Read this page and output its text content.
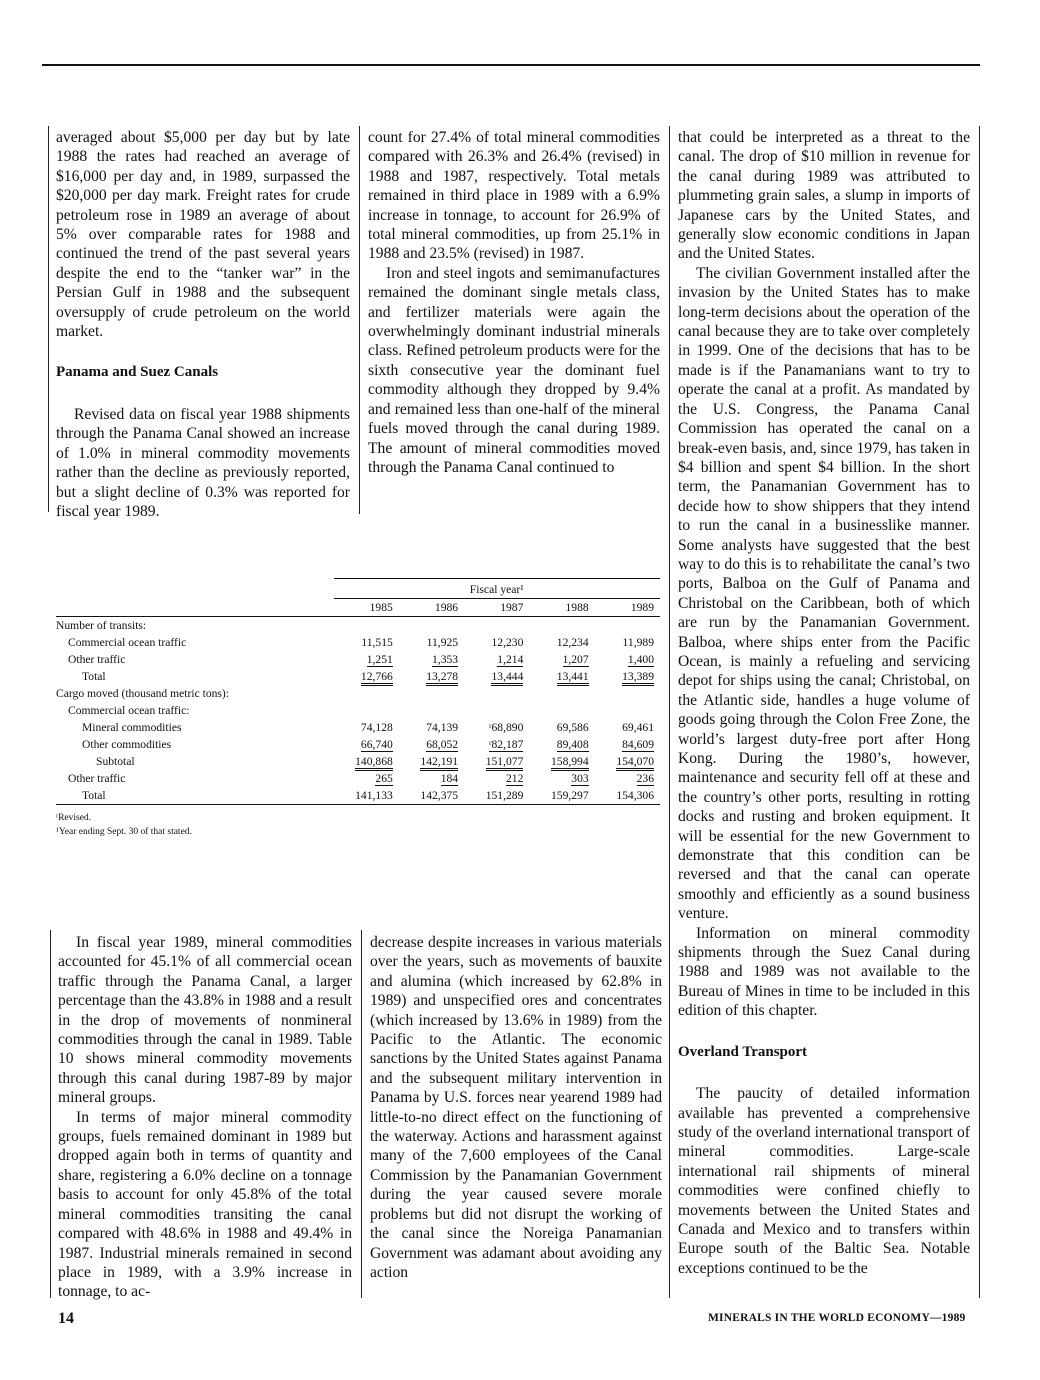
averaged about $5,000 per day but by late 1988 the rates had reached an average of $16,000 per day and, in 1989, surpassed the $20,000 per day mark. Freight rates for crude petroleum rose in 1989 an average of about 5% over comparable rates for 1988 and continued the trend of the past several years despite the end to the “tanker war” in the Persian Gulf in 1988 and the subsequent oversupply of crude petroleum on the world market.

Panama and Suez Canals

Revised data on fiscal year 1988 shipments through the Panama Canal showed an increase of 1.0% in mineral commodity movements rather than the decline as previously reported, but a slight decline of 0.3% was reported for fiscal year 1989.

count for 27.4% of total mineral commodities compared with 26.3% and 26.4% (revised) in 1988 and 1987, respectively. Total metals remained in third place in 1989 with a 6.9% increase in tonnage, to account for 26.9% of total mineral commodities, up from 25.1% in 1988 and 23.5% (revised) in 1987.

Iron and steel ingots and semimanufactures remained the dominant single metals class, and fertilizer materials were again the overwhelmingly dominant industrial minerals class. Refined petroleum products were for the sixth consecutive year the dominant fuel commodity although they dropped by 9.4% and remained less than one-half of the mineral fuels moved through the canal during 1989. The amount of mineral commodities moved through the Panama Canal continued to

that could be interpreted as a threat to the canal. The drop of $10 million in revenue for the canal during 1989 was attributed to plummeting grain sales, a slump in imports of Japanese cars by the United States, and generally slow economic conditions in Japan and the United States.

The civilian Government installed after the invasion by the United States has to make long-term decisions about the operation of the canal because they are to take over completely in 1999. One of the decisions that has to be made is if the Panamanians want to try to operate the canal at a profit. As mandated by the U.S. Congress, the Panama Canal Commission has operated the canal on a break-even basis, and, since 1979, has taken in $4 billion and spent $4 billion. In the short term, the Panamanian Government has to decide how to show shippers that they intend to run the canal in a businesslike manner. Some analysts have suggested that the best way to do this is to rehabilitate the canal’s two ports, Balboa on the Gulf of Panama and Christobal on the Caribbean, both of which are run by the Panamanian Government. Balboa, where ships enter from the Pacific Ocean, is mainly a refueling and servicing depot for ships using the canal; Christobal, on the Atlantic side, handles a huge volume of goods going through the Colon Free Zone, the world’s largest duty-free port after Hong Kong. During the 1980’s, however, maintenance and security fell off at these and the country’s other ports, resulting in rotting docks and rusting and broken equipment. It will be essential for the new Government to demonstrate that this condition can be reversed and that the canal can operate smoothly and efficiently as a sound business venture.

Information on mineral commodity shipments through the Suez Canal during 1988 and 1989 was not available to the Bureau of Mines in time to be included in this edition of this chapter.

Overland Transport

The paucity of detailed information available has prevented a comprehensive study of the overland international transport of mineral commodities. Large-scale international rail shipments of mineral commodities were confined chiefly to movements between the United States and Canada and Mexico and to transfers within Europe south of the Baltic Sea. Notable exceptions continued to be the

	Fiscal year¹				
	1985	1986	1987	1988	1989
Number of transits:					
Commercial ocean traffic	11,515	11,925	12,230	12,234	11,989
Other traffic	1,251	1,353	1,214	1,207	1,400
Total	12,766	13,278	13,444	13,441	13,389
Cargo moved (thousand metric tons):					
Commercial ocean traffic:					
Mineral commodities	74,128	74,139	ʳ68,890	69,586	69,461
Other commodities	66,740	68,052	ʳ82,187	89,408	84,609
Subtotal	140,868	142,191	151,077	158,994	154,070
Other traffic	265	184	212	303	236
Total	141,133	142,375	151,289	159,297	154,306
ʳRevised.
¹Year ending Sept. 30 of that stated.

In fiscal year 1989, mineral commodities accounted for 45.1% of all commercial ocean traffic through the Panama Canal, a larger percentage than the 43.8% in 1988 and a result in the drop of movements of nonmineral commodities through the canal in 1989. Table 10 shows mineral commodity movements through this canal during 1987-89 by major mineral groups.

In terms of major mineral commodity groups, fuels remained dominant in 1989 but dropped again both in terms of quantity and share, registering a 6.0% decline on a tonnage basis to account for only 45.8% of the total mineral commodities transiting the canal compared with 48.6% in 1988 and 49.4% in 1987. Industrial minerals remained in second place in 1989, with a 3.9% increase in tonnage, to ac-

decrease despite increases in various materials over the years, such as movements of bauxite and alumina (which increased by 62.8% in 1989) and unspecified ores and concentrates (which increased by 13.6% in 1989) from the Pacific to the Atlantic. The economic sanctions by the United States against Panama and the subsequent military intervention in Panama by U.S. forces near yearend 1989 had little-to-no direct effect on the functioning of the waterway. Actions and harassment against many of the 7,600 employees of the Canal Commission by the Panamanian Government during the year caused severe morale problems but did not disrupt the working of the canal since the Noreiga Panamanian Government was adamant about avoiding any action

14	MINERALS IN THE WORLD ECONOMY—1989
